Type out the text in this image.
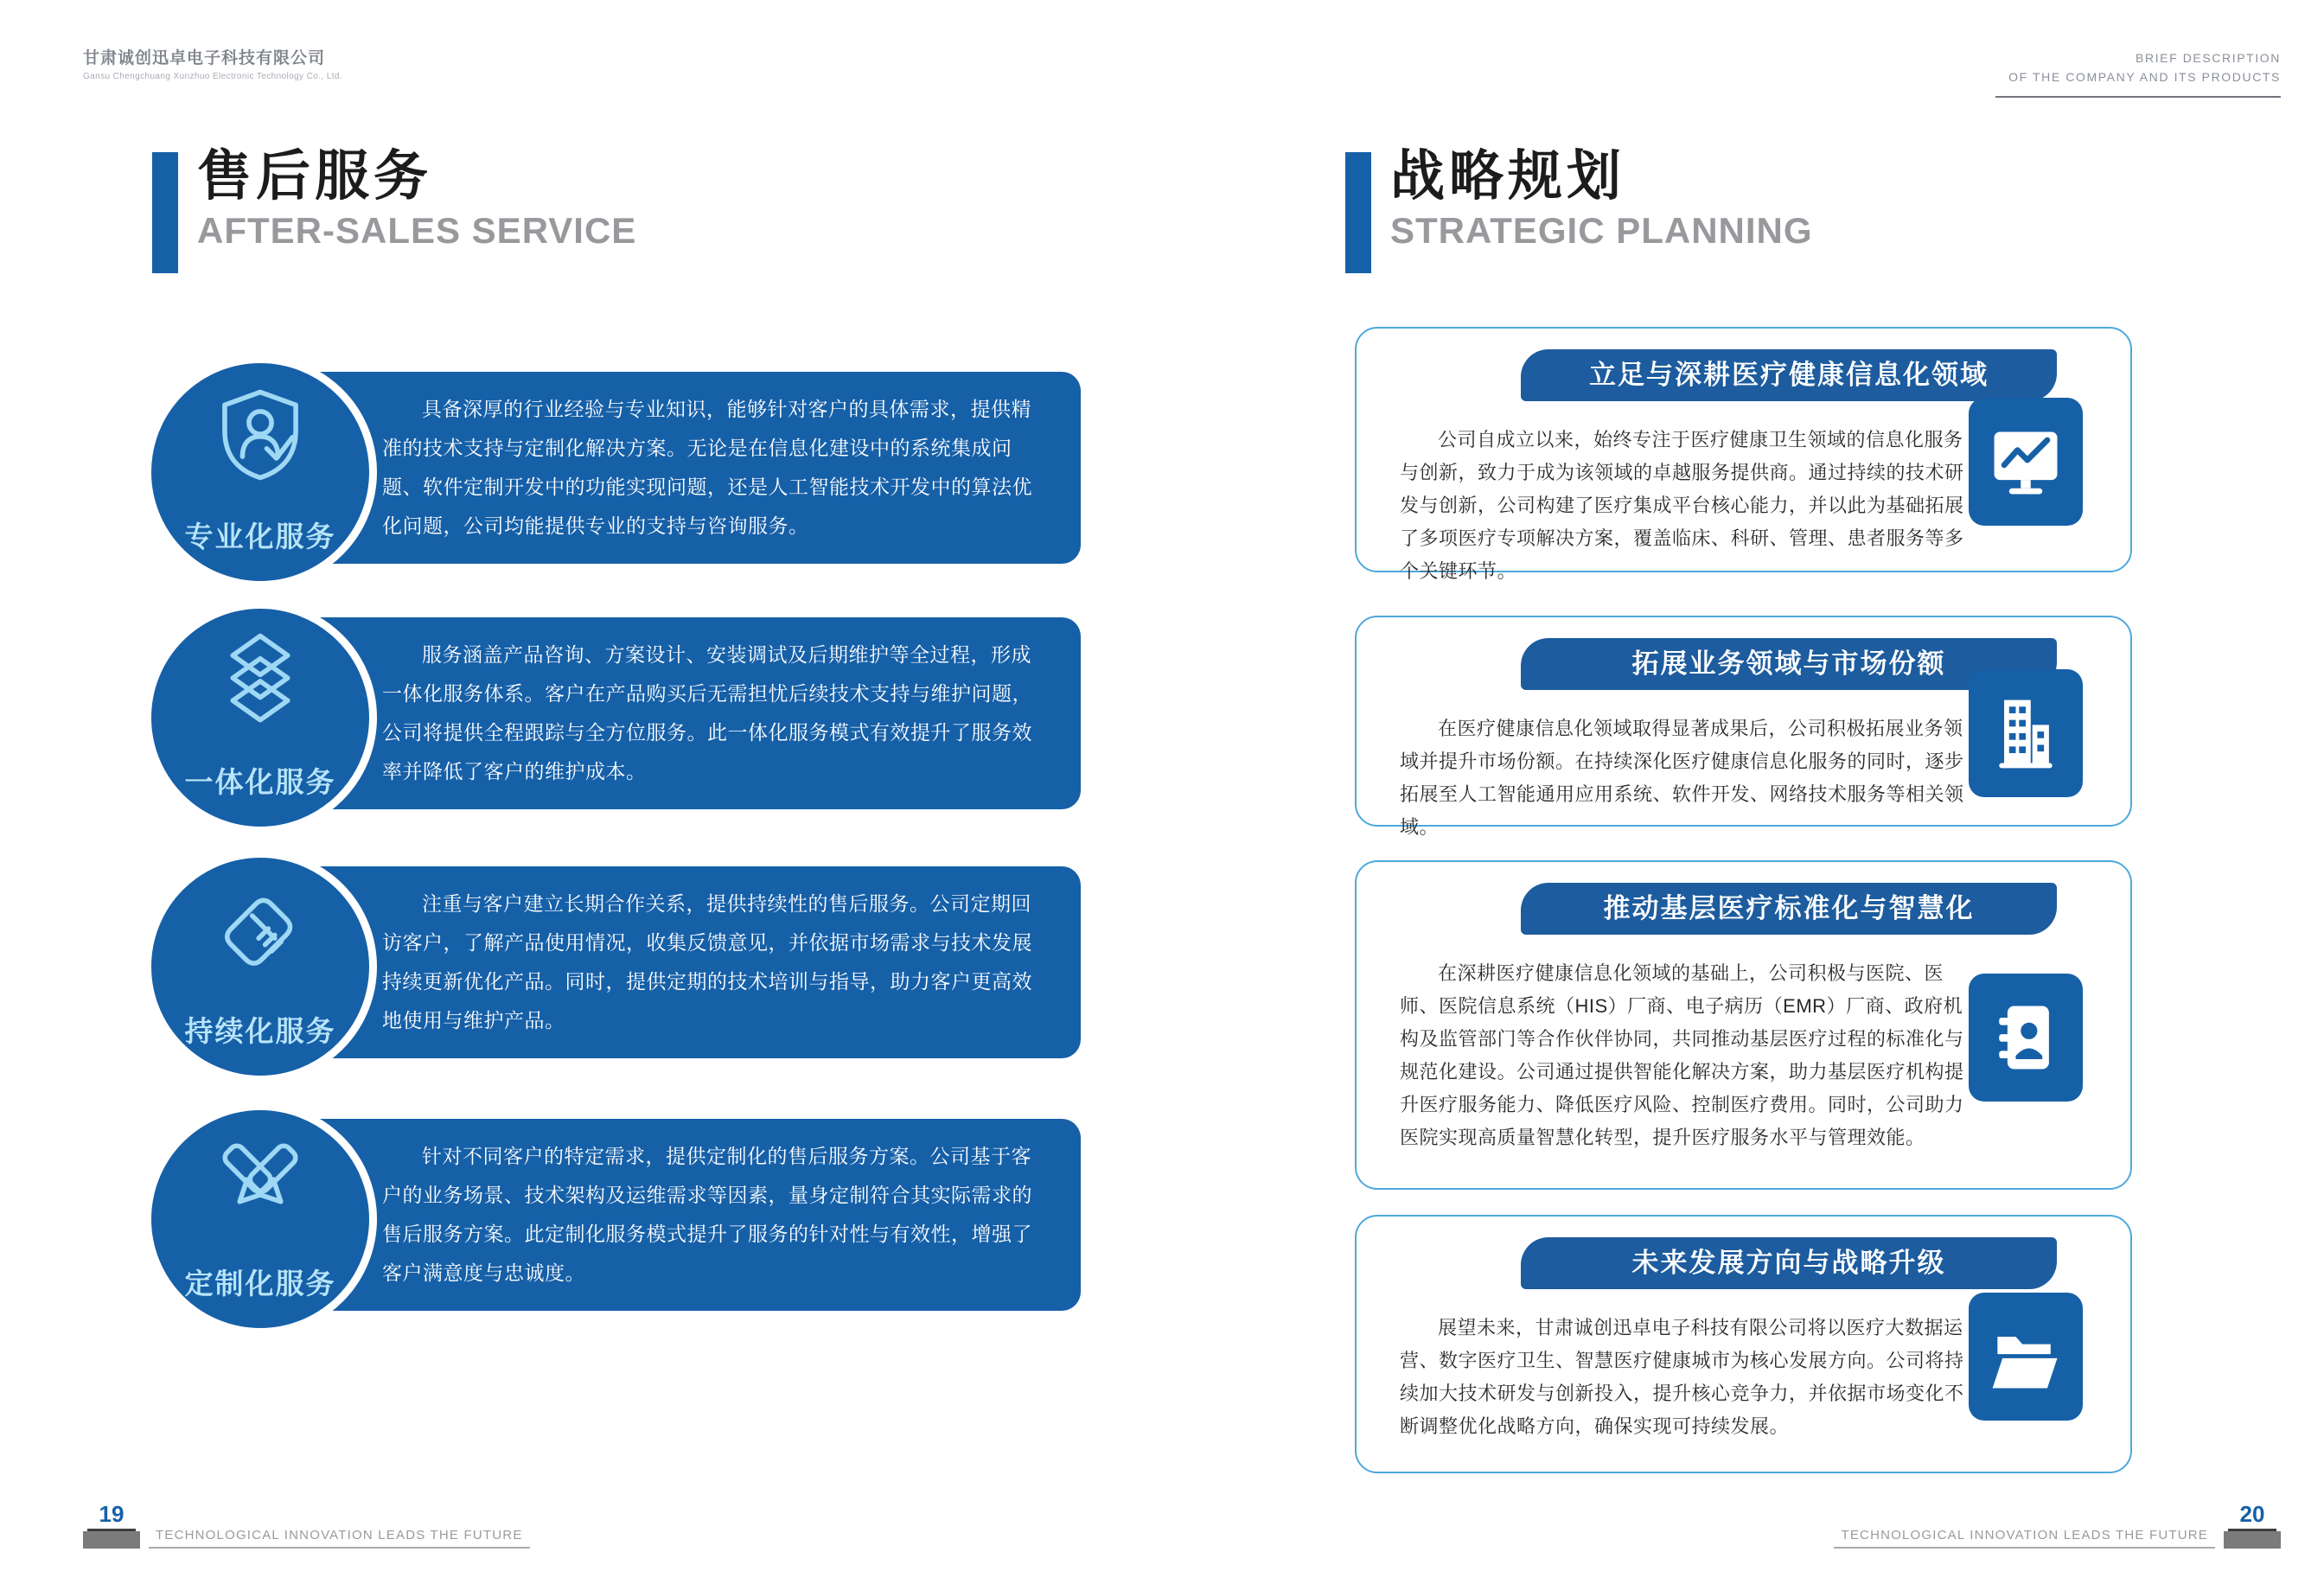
甘肃诚创迅卓电子科技有限公司
Gansu Chengchuang Xunzhuo Electronic Technology Co., Ltd.
BRIEF DESCRIPTION
OF THE COMPANY AND ITS PRODUCTS
售后服务
AFTER-SALES SERVICE
战略规划
STRATEGIC PLANNING
具备深厚的行业经验与专业知识，能够针对客户的具体需求，提供精准的技术支持与定制化解决方案。无论是在信息化建设中的系统集成问题、软件定制开发中的功能实现问题，还是人工智能技术开发中的算法优化问题，公司均能提供专业的支持与咨询服务。
专业化服务
服务涵盖产品咨询、方案设计、安装调试及后期维护等全过程，形成一体化服务体系。客户在产品购买后无需担忧后续技术支持与维护问题，公司将提供全程跟踪与全方位服务。此一体化服务模式有效提升了服务效率并降低了客户的维护成本。
一体化服务
注重与客户建立长期合作关系，提供持续性的售后服务。公司定期回访客户，了解产品使用情况，收集反馈意见，并依据市场需求与技术发展持续更新优化产品。同时，提供定期的技术培训与指导，助力客户更高效地使用与维护产品。
持续化服务
针对不同客户的特定需求，提供定制化的售后服务方案。公司基于客户的业务场景、技术架构及运维需求等因素，量身定制符合其实际需求的售后服务方案。此定制化服务模式提升了服务的针对性与有效性，增强了客户满意度与忠诚度。
定制化服务
立足与深耕医疗健康信息化领域
公司自成立以来，始终专注于医疗健康卫生领域的信息化服务与创新，致力于成为该领域的卓越服务提供商。通过持续的技术研发与创新，公司构建了医疗集成平台核心能力，并以此为基础拓展了多项医疗专项解决方案，覆盖临床、科研、管理、患者服务等多个关键环节。
拓展业务领域与市场份额
在医疗健康信息化领域取得显著成果后，公司积极拓展业务领域并提升市场份额。在持续深化医疗健康信息化服务的同时，逐步拓展至人工智能通用应用系统、软件开发、网络技术服务等相关领域。
推动基层医疗标准化与智慧化
在深耕医疗健康信息化领域的基础上，公司积极与医院、医师、医院信息系统（HIS）厂商、电子病历（EMR）厂商、政府机构及监管部门等合作伙伴协同，共同推动基层医疗过程的标准化与规范化建设。公司通过提供智能化解决方案，助力基层医疗机构提升医疗服务能力、降低医疗风险、控制医疗费用。同时，公司助力医院实现高质量智慧化转型，提升医疗服务水平与管理效能。
未来发展方向与战略升级
展望未来，甘肃诚创迅卓电子科技有限公司将以医疗大数据运营、数字医疗卫生、智慧医疗健康城市为核心发展方向。公司将持续加大技术研发与创新投入，提升核心竞争力，并依据市场变化不断调整优化战略方向，确保实现可持续发展。
19
TECHNOLOGICAL INNOVATION LEADS THE FUTURE
20
TECHNOLOGICAL INNOVATION LEADS THE FUTURE
